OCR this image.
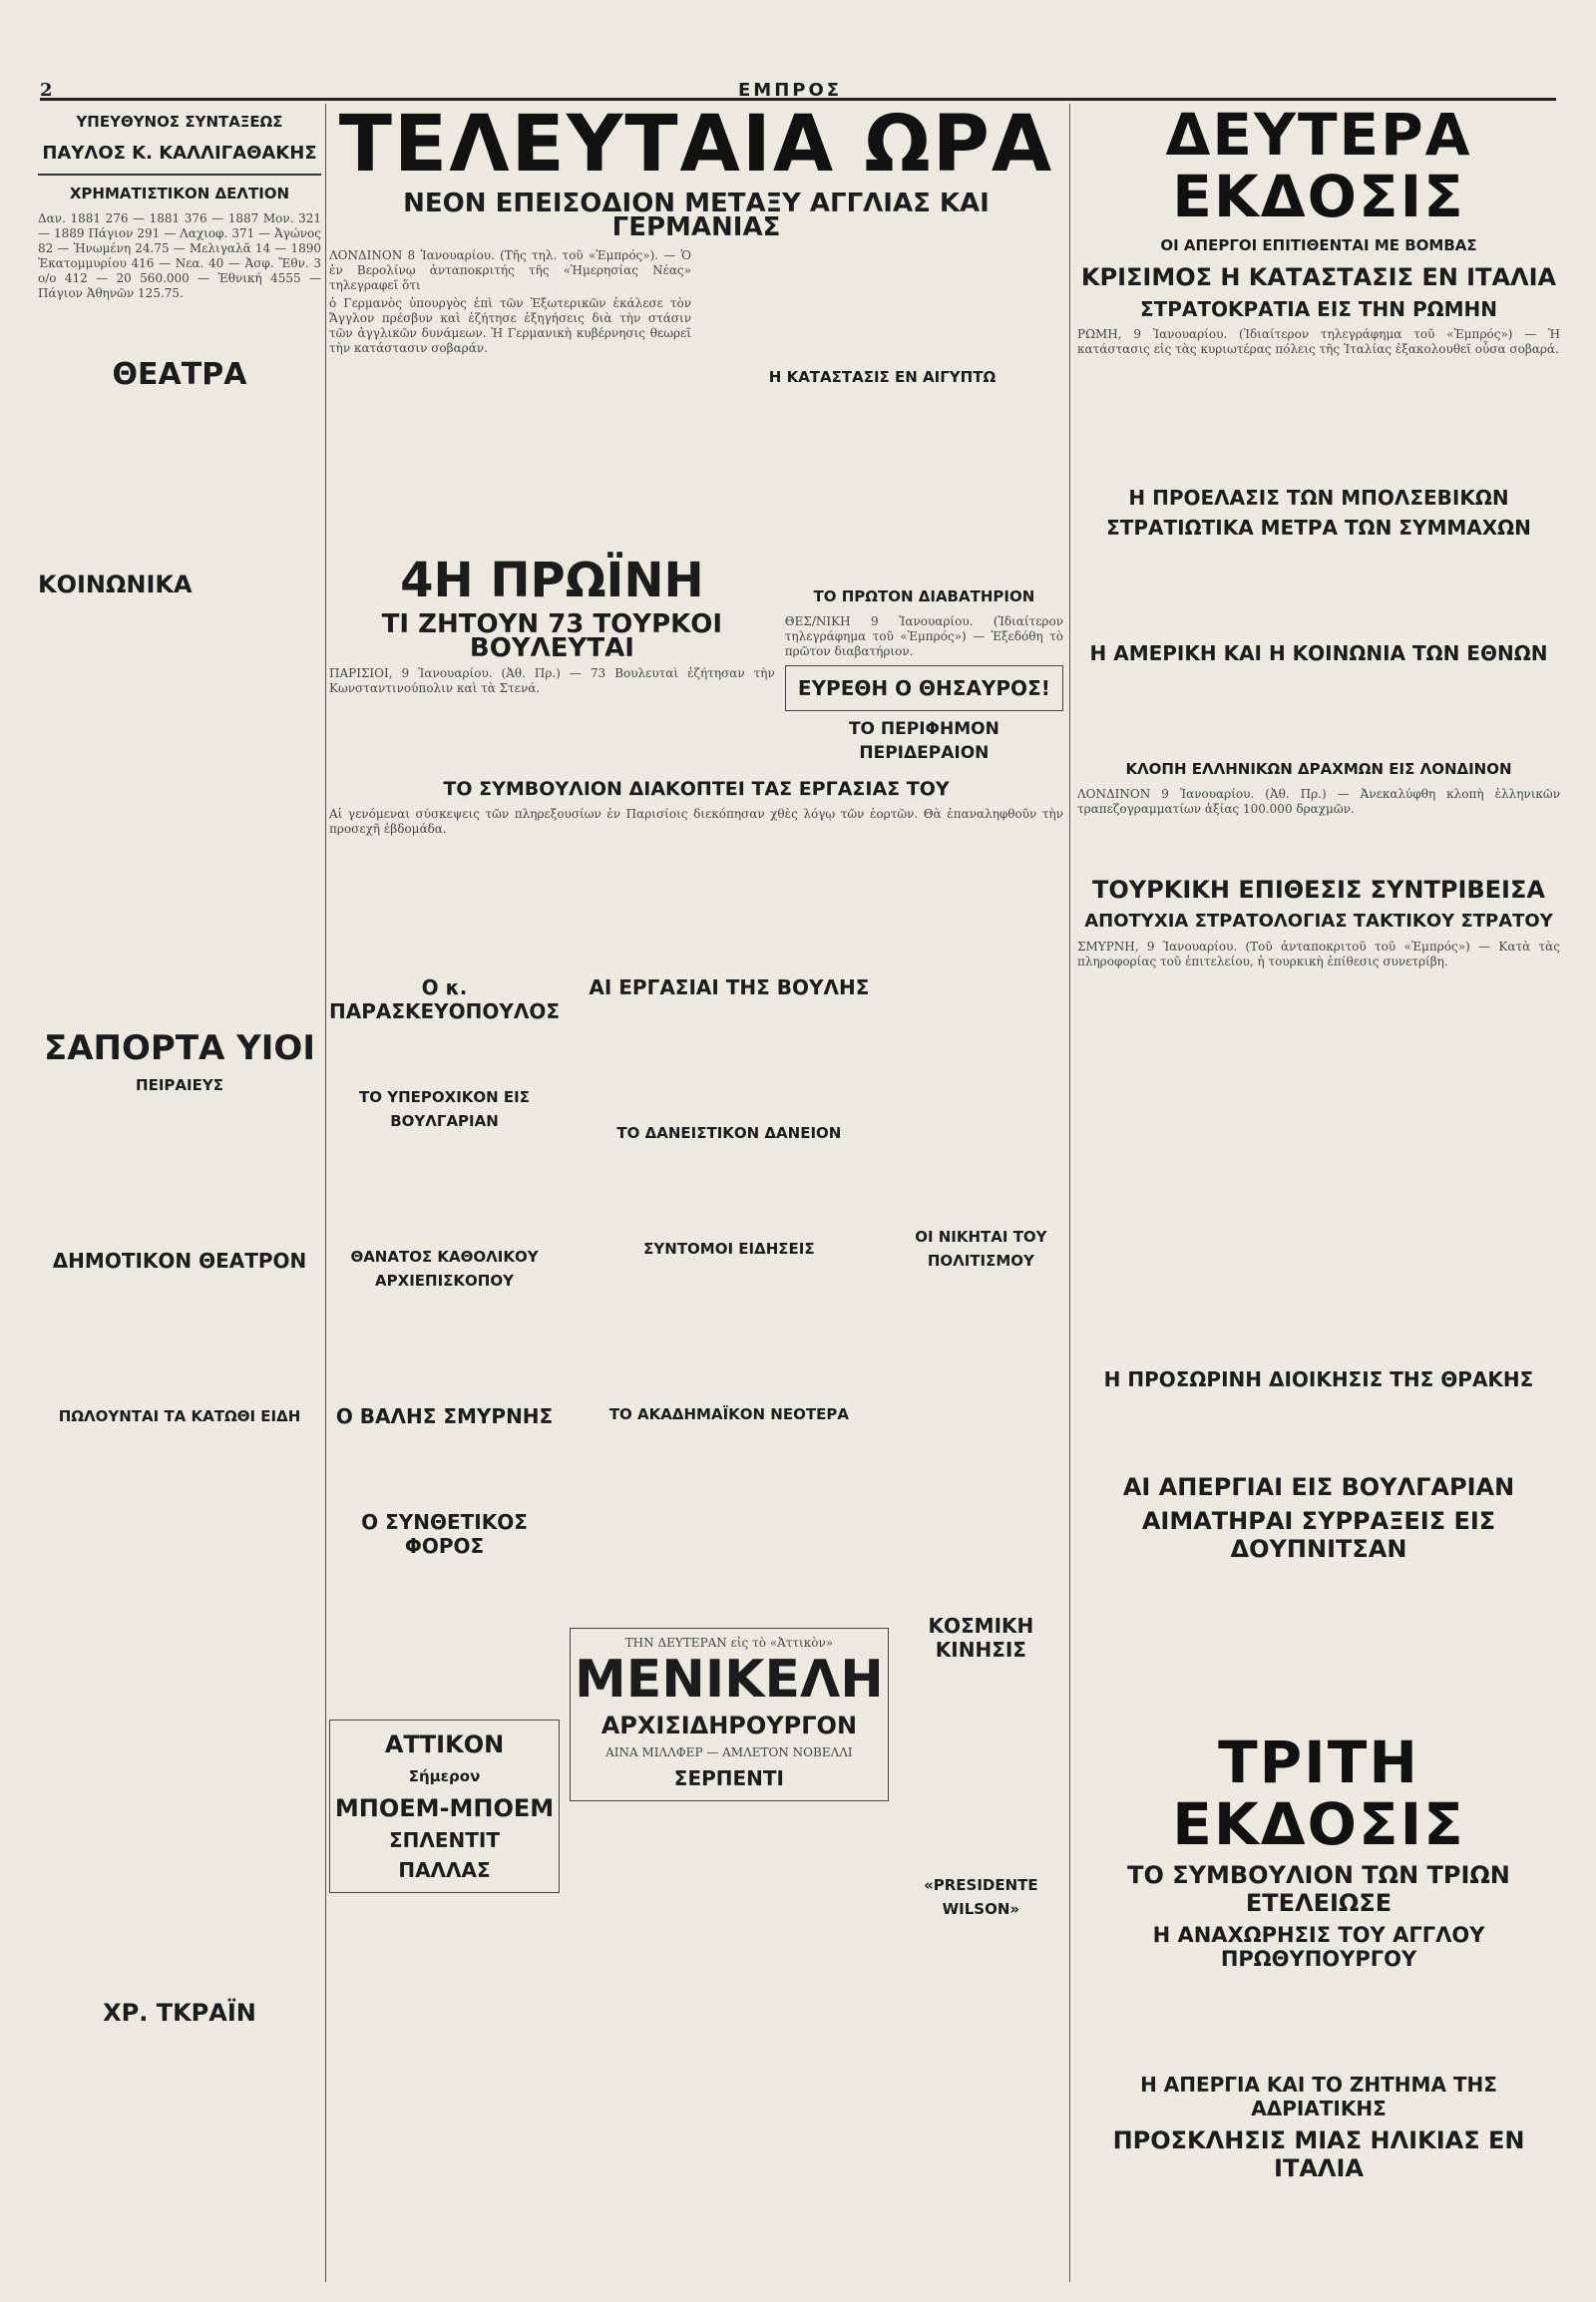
2	ΕΜΠΡΟΣ
ΥΠΕΥΘΥΝΟΣ ΣΥΝΤΑΞΕΩΣ
ΠΑΥΛΟΣ Κ. ΚΑΛΛΙΓΑΘΑΚΗΣ
ΧΡΗΜΑΤΙΣΤΙΚΟΝ ΔΕΛΤΙΟΝ
Δαν. 1881 276 — 1881 376 — 1887 Μον. 321 — 1889 Πάγιον 291 — Λαχιοφ. 371 — Ἀγώνος 82 — Ἠνωμένη 24.75 — Μελιγαλᾶ 14 — 1890 Ἐκατομμυρίου 416 — Νεα. 40 — Ἀσφ. Ἔθν. 3 ο/ο 412 — 20 560.000 — Ἐθνική 4555 — Πάγιον Ἀθηνῶν 125.75.
ΘΕΑΤΡΑ
ΚΟΙΝΩΝΙΚΑ
ΣΑΠΟΡΤΑ ΥΙΟΙ
ΠΕΙΡΑΙΕΥΣ
ΔΗΜΟΤΙΚΟΝ ΘΕΑΤΡΟΝ
ΠΩΛΟΥΝΤΑΙ ΤΑ ΚΑΤΩΘΙ ΕΙΔΗ
ΧΡ. ΤΚΡΑΪΝ
ΤΕΛΕΥΤΑΙΑ ΩΡΑ
ΝΕΟΝ ΕΠΕΙΣΟΔΙΟΝ ΜΕΤΑΞΥ ΑΓΓΛΙΑΣ ΚΑΙ ΓΕΡΜΑΝΙΑΣ
ΛΟΝΔΙΝΟΝ 8 Ἰανουαρίου. (Τῆς τηλ. τοῦ «Ἐμπρός»). — Ὁ ἐν Βερολίνῳ ἀνταποκριτής τῆς «Ἡμερησίας Νέας» τηλεγραφεῖ ὅτι
ὁ Γερμανὸς ὑπουργὸς ἐπὶ τῶν Ἐξωτερικῶν ἐκάλεσε τὸν Ἄγγλον πρέσβυν καὶ ἐζήτησε ἐξηγήσεις διὰ τὴν στάσιν τῶν ἀγγλικῶν δυνάμεων. Ἡ Γερμανικὴ κυβέρνησις θεωρεῖ τὴν κατάστασιν σοβαράν.
Η ΚΑΤΑΣΤΑΣΙΣ ΕΝ ΑΙΓΥΠΤΩ
4Η ΠΡΩΪΝΗ
ΤΙ ΖΗΤΟΥΝ 73 ΤΟΥΡΚΟΙ ΒΟΥΛΕΥΤΑΙ
ΠΑΡΙΣΙΟΙ, 9 Ἰανουαρίου. (Ἀθ. Πρ.) — 73 Βουλευταὶ ἐζήτησαν τὴν Κωνσταντινούπολιν καὶ τὰ Στενά.
ΤΟ ΠΡΩΤΟΝ ΔΙΑΒΑΤΗΡΙΟΝ
ΘΕΣ/ΝΙΚΗ 9 Ἰανουαρίου. (Ἰδιαίτερον τηλεγράφημα τοῦ «Ἐμπρός») — Ἐξεδόθη τὸ πρῶτον διαβατήριον.
ΕΥΡΕΘΗ Ο ΘΗΣΑΥΡΟΣ!
ΤΟ ΠΕΡΙΦΗΜΟΝ ΠΕΡΙΔΕΡΑΙΟΝ
ΤΟ ΣΥΜΒΟΥΛΙΟΝ ΔΙΑΚΟΠΤΕΙ ΤΑΣ ΕΡΓΑΣΙΑΣ ΤΟΥ
Αἱ γενόμεναι σύσκεψεις τῶν πληρεξουσίων ἐν Παρισίοις διεκόπησαν χθὲς λόγῳ τῶν ἑορτῶν. Θὰ ἐπαναληφθοῦν τὴν προσεχῆ ἑβδομάδα.
Ο κ. ΠΑΡΑΣΚΕΥΟΠΟΥΛΟΣ
ΤΟ ΥΠΕΡΟΧΙΚΟΝ ΕΙΣ ΒΟΥΛΓΑΡΙΑΝ
ΘΑΝΑΤΟΣ ΚΑΘΟΛΙΚΟΥ ΑΡΧΙΕΠΙΣΚΟΠΟΥ
Ο ΒΑΛΗΣ ΣΜΥΡΝΗΣ
Ο ΣΥΝΘΕΤΙΚΟΣ ΦΟΡΟΣ
ΑΤΤΙΚΟΝ
Σήμερον
ΜΠΟΕΜ-ΜΠΟΕΜ
ΣΠΛΕΝΤΙΤ
ΠΑΛΛΑΣ
ΑΙ ΕΡΓΑΣΙΑΙ ΤΗΣ ΒΟΥΛΗΣ
ΤΟ ΔΑΝΕΙΣΤΙΚΟΝ ΔΑΝΕΙΟΝ
ΣΥΝΤΟΜΟΙ ΕΙΔΗΣΕΙΣ
ΤΟ ΑΚΑΔΗΜΑΪΚΟΝ ΝΕΟΤΕΡΑ
ΤΗΝ ΔΕΥΤΕΡΑΝ εἰς τὸ «Ἀττικὸν»
ΜΕΝΙΚΕΛΗ
ΑΡΧΙΣΙΔΗΡΟΥΡΓΟΝ
ΑΙΝΑ ΜΙΛΛΦΕΡ — ΑΜΛΕΤΟΝ ΝΟΒΕΛΛΙ
ΣΕΡΠΕΝΤΙ
ΟΙ ΝΙΚΗΤΑΙ ΤΟΥ ΠΟΛΙΤΙΣΜΟΥ
ΚΟΣΜΙΚΗ ΚΙΝΗΣΙΣ
«PRESIDENTE WILSON»
ΔΕΥΤΕΡΑ ΕΚΔΟΣΙΣ
ΟΙ ΑΠΕΡΓΟΙ ΕΠΙΤΙΘΕΝΤΑΙ ΜΕ ΒΟΜΒΑΣ
ΚΡΙΣΙΜΟΣ Η ΚΑΤΑΣΤΑΣΙΣ ΕΝ ΙΤΑΛΙΑ
ΣΤΡΑΤΟΚΡΑΤΙΑ ΕΙΣ ΤΗΝ ΡΩΜΗΝ
ΡΩΜΗ, 9 Ἰανουαρίου. (Ἰδιαίτερον τηλεγράφημα τοῦ «Ἐμπρός») — Ἡ κατάστασις εἰς τὰς κυριωτέρας πόλεις τῆς Ἰταλίας ἐξακολουθεῖ οὖσα σοβαρά.
Η ΠΡΟΕΛΑΣΙΣ ΤΩΝ ΜΠΟΛΣΕΒΙΚΩΝ
ΣΤΡΑΤΙΩΤΙΚΑ ΜΕΤΡΑ ΤΩΝ ΣΥΜΜΑΧΩΝ
Η ΑΜΕΡΙΚΗ ΚΑΙ Η ΚΟΙΝΩΝΙΑ ΤΩΝ ΕΘΝΩΝ
ΚΛΟΠΗ ΕΛΛΗΝΙΚΩΝ ΔΡΑΧΜΩΝ ΕΙΣ ΛΟΝΔΙΝΟΝ
ΛΟΝΔΙΝΟΝ 9 Ἰανουαρίου. (Ἀθ. Πρ.) — Ἀνεκαλύφθη κλοπὴ ἑλληνικῶν τραπεζογραμματίων ἀξίας 100.000 δραχμῶν.
ΤΟΥΡΚΙΚΗ ΕΠΙΘΕΣΙΣ ΣΥΝΤΡΙΒΕΙΣΑ
ΑΠΟΤΥΧΙΑ ΣΤΡΑΤΟΛΟΓΙΑΣ ΤΑΚΤΙΚΟΥ ΣΤΡΑΤΟΥ
ΣΜΥΡΝΗ, 9 Ἰανουαρίου. (Τοῦ ἀνταποκριτοῦ τοῦ «Ἐμπρός») — Κατὰ τὰς πληροφορίας τοῦ ἐπιτελείου, ἡ τουρκικὴ ἐπίθεσις συνετρίβη.
Η ΠΡΟΣΩΡΙΝΗ ΔΙΟΙΚΗΣΙΣ ΤΗΣ ΘΡΑΚΗΣ
ΑΙ ΑΠΕΡΓΙΑΙ ΕΙΣ ΒΟΥΛΓΑΡΙΑΝ
ΑΙΜΑΤΗΡΑΙ ΣΥΡΡΑΞΕΙΣ ΕΙΣ ΔΟΥΠΝΙΤΣΑΝ
ΤΡΙΤΗ ΕΚΔΟΣΙΣ
ΤΟ ΣΥΜΒΟΥΛΙΟΝ ΤΩΝ ΤΡΙΩΝ ΕΤΕΛΕΙΩΣΕ
Η ΑΝΑΧΩΡΗΣΙΣ ΤΟΥ ΑΓΓΛΟΥ ΠΡΩΘΥΠΟΥΡΓΟΥ
Η ΑΠΕΡΓΙΑ ΚΑΙ ΤΟ ΖΗΤΗΜΑ ΤΗΣ ΑΔΡΙΑΤΙΚΗΣ
ΠΡΟΣΚΛΗΣΙΣ ΜΙΑΣ ΗΛΙΚΙΑΣ ΕΝ ΙΤΑΛΙΑ
